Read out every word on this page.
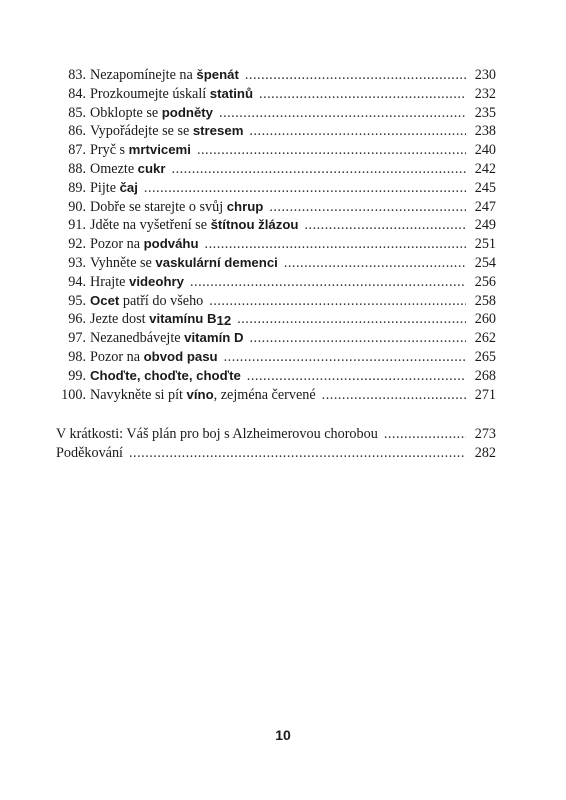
83. Nezapomínejte na špenát .....	230
84. Prozkoumejte úskalí statinů .....	232
85. Obklopte se podněty .....	235
86. Vypořádejte se se stresem .....	238
87. Pryč s mrtvicemi .....	240
88. Omezte cukr .....	242
89. Pijte čaj .....	245
90. Dobře se starejte o svůj chrup .....	247
91. Jděte na vyšetření se štítnou žlázou .....	249
92. Pozor na podváhu .....	251
93. Vyhněte se vaskulární demenci .....	254
94. Hrajte videohry .....	256
95. Ocet patří do všeho .....	258
96. Jezte dost vitamínu $B_{12}$ .....	260
97. Nezanedbávejte vitamín D .....	262
98. Pozor na obvod pasu .....	265
99. Choďte, choďte, choďte .....	268
100. Navykněte si pít víno, zejména červené .....	271
V krátkosti: Váš plán pro boj s Alzheimerovou chorobou .....	273
Poděkování .....	282
10
